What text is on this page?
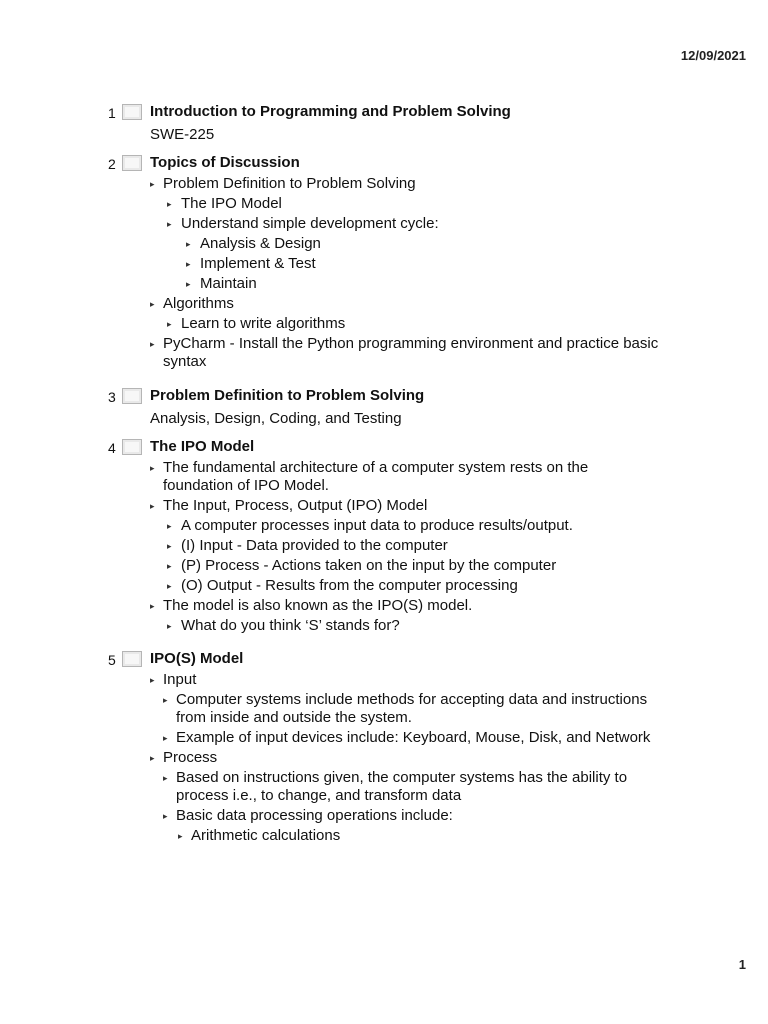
12/09/2021
1 Introduction to Programming and Problem Solving
SWE-225
2 Topics of Discussion
▸ Problem Definition to Problem Solving
▸ The IPO Model
▸ Understand simple development cycle:
▸ Analysis & Design
▸ Implement & Test
▸ Maintain
▸ Algorithms
▸ Learn to write algorithms
▸ PyCharm - Install the Python programming environment and practice basic syntax
3 Problem Definition to Problem Solving
Analysis, Design, Coding, and Testing
4 The IPO Model
▸ The fundamental architecture of a computer system rests on the foundation of IPO Model.
▸ The Input, Process, Output (IPO) Model
▸ A computer processes input data to produce results/output.
▸ (I) Input - Data provided to the computer
▸ (P) Process - Actions taken on the input by the computer
▸ (O) Output - Results from the computer processing
▸ The model is also known as the IPO(S) model.
▸ What do you think ‘S’ stands for?
5 IPO(S) Model
▸ Input
▸ Computer systems include methods for accepting data and instructions from inside and outside the system.
▸ Example of input devices include: Keyboard, Mouse, Disk, and Network
▸ Process
▸ Based on instructions given, the computer systems has the ability to process i.e., to change, and transform data
▸ Basic data processing operations include:
▸ Arithmetic calculations
1
